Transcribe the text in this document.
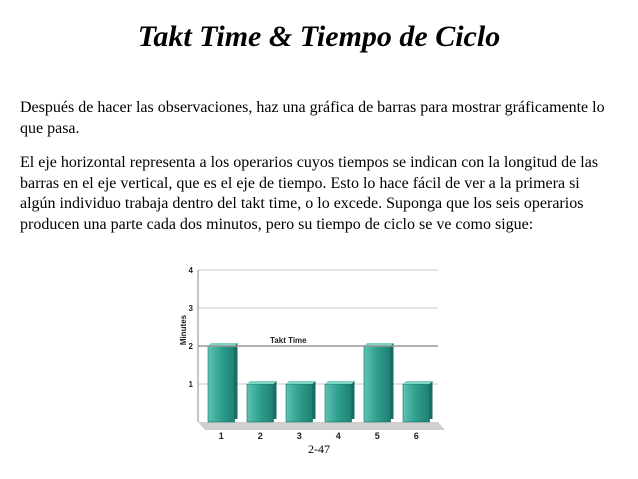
Takt Time & Tiempo de Ciclo

Después de hacer las observaciones, haz una gráfica de barras para mostrar gráficamente lo que pasa.

El eje horizontal representa a los operarios cuyos tiempos se indican con la longitud de las barras en el eje vertical, que es el eje de tiempo. Esto lo hace fácil de ver a la primera si algún individuo trabaja dentro del takt time, o lo excede. Suponga que los seis operarios producen una parte cada dos minutos, pero su tiempo de ciclo se ve como sigue:

1
2
3
4
Minutes	Takt Time
1	2	3	4	5	6
2-47
